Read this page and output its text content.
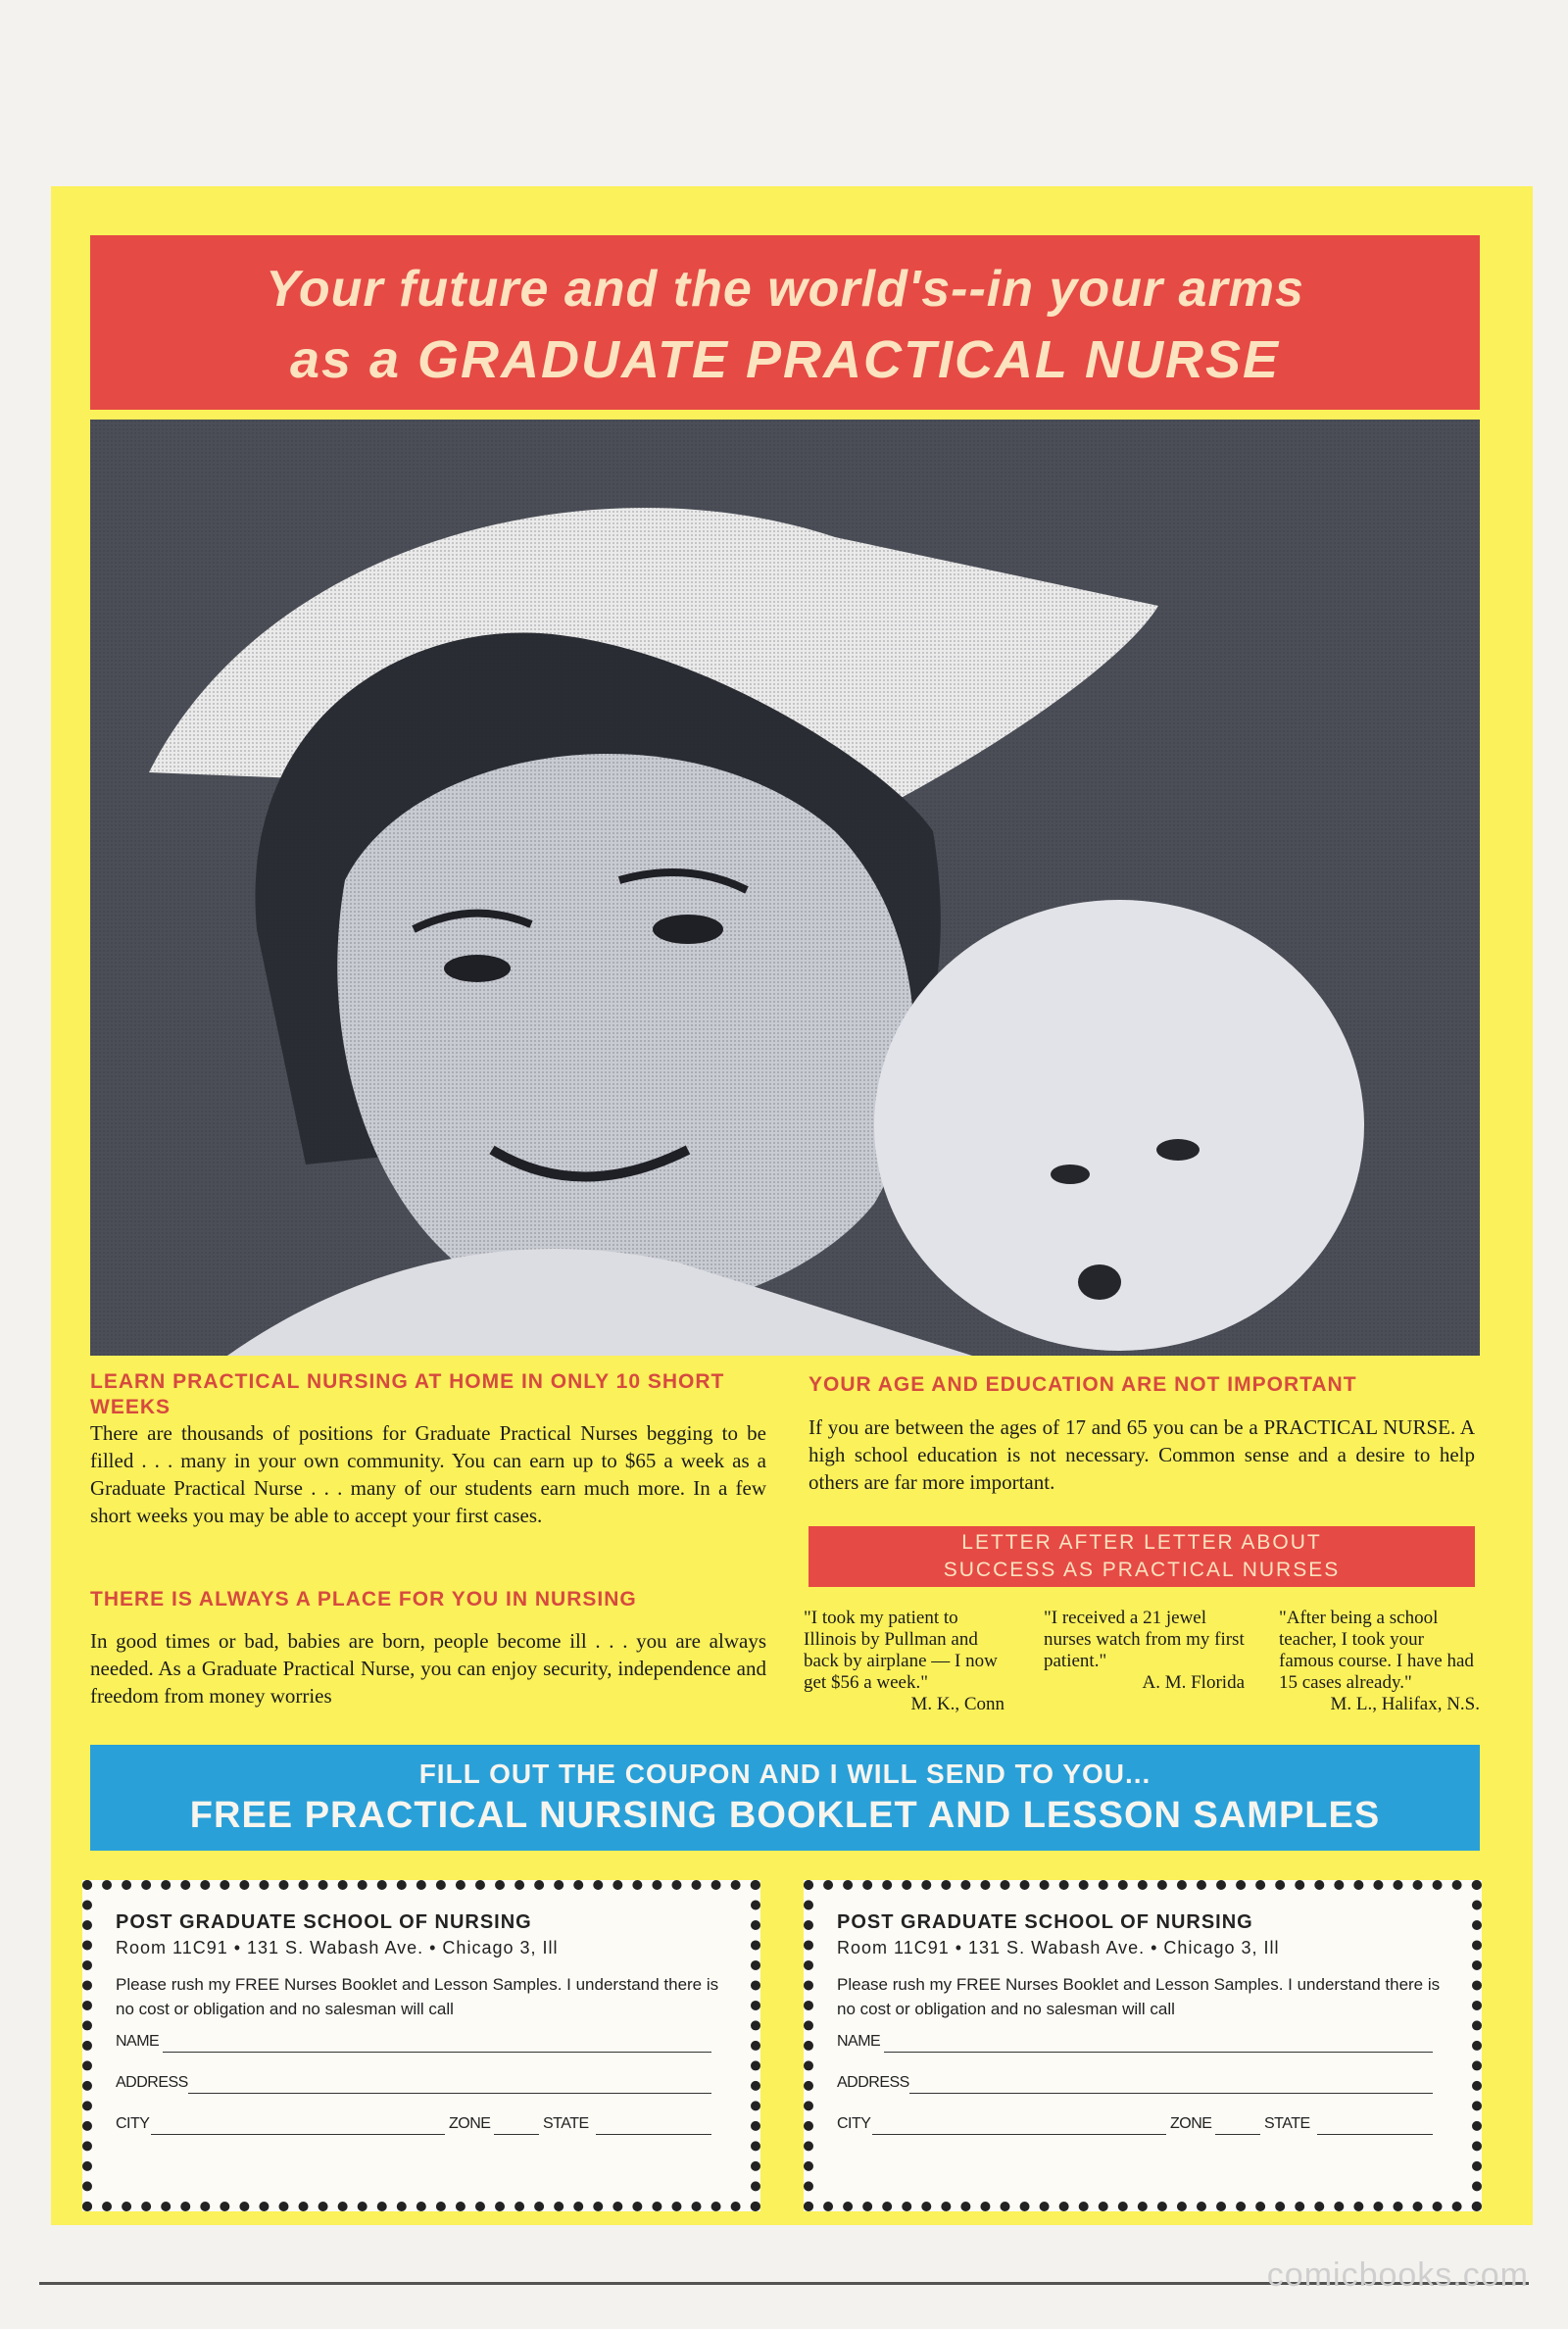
Your future and the world's--in your arms
as a GRADUATE PRACTICAL NURSE
LEARN PRACTICAL NURSING AT HOME IN ONLY 10 SHORT WEEKS
There are thousands of positions for Graduate Practical Nurses begging to be filled . . . many in your own community. You can earn up to $65 a week as a Graduate Practical Nurse . . . many of our students earn much more. In a few short weeks you may be able to accept your first cases.
THERE IS ALWAYS A PLACE FOR YOU IN NURSING
In good times or bad, babies are born, people become ill . . . you are always needed. As a Graduate Practical Nurse, you can enjoy security, independence and freedom from money worries
YOUR AGE AND EDUCATION ARE NOT IMPORTANT
If you are between the ages of 17 and 65 you can be a PRACTICAL NURSE. A high school education is not necessary. Common sense and a desire to help others are far more important.
LETTER AFTER LETTER ABOUT
SUCCESS AS PRACTICAL NURSES
"I took my patient to Illinois by Pullman and back by airplane — I now get $56 a week."
M. K., Conn
"I received a 21 jewel nurses watch from my first patient."
A. M. Florida
"After being a school teacher, I took your famous course. I have had 15 cases already."
M. L., Halifax, N.S.
FILL OUT THE COUPON AND I WILL SEND TO YOU...
FREE PRACTICAL NURSING BOOKLET AND LESSON SAMPLES
POST GRADUATE SCHOOL OF NURSING
Room 11C91 • 131 S. Wabash Ave. • Chicago 3, Ill
Please rush my FREE Nurses Booklet and Lesson Samples. I understand there is no cost or obligation and no salesman will call
NAME
ADDRESS
CITY	ZONE	STATE
POST GRADUATE SCHOOL OF NURSING
Room 11C91 • 131 S. Wabash Ave. • Chicago 3, Ill
Please rush my FREE Nurses Booklet and Lesson Samples. I understand there is no cost or obligation and no salesman will call
NAME
ADDRESS
CITY	ZONE	STATE
comicbooks.com
